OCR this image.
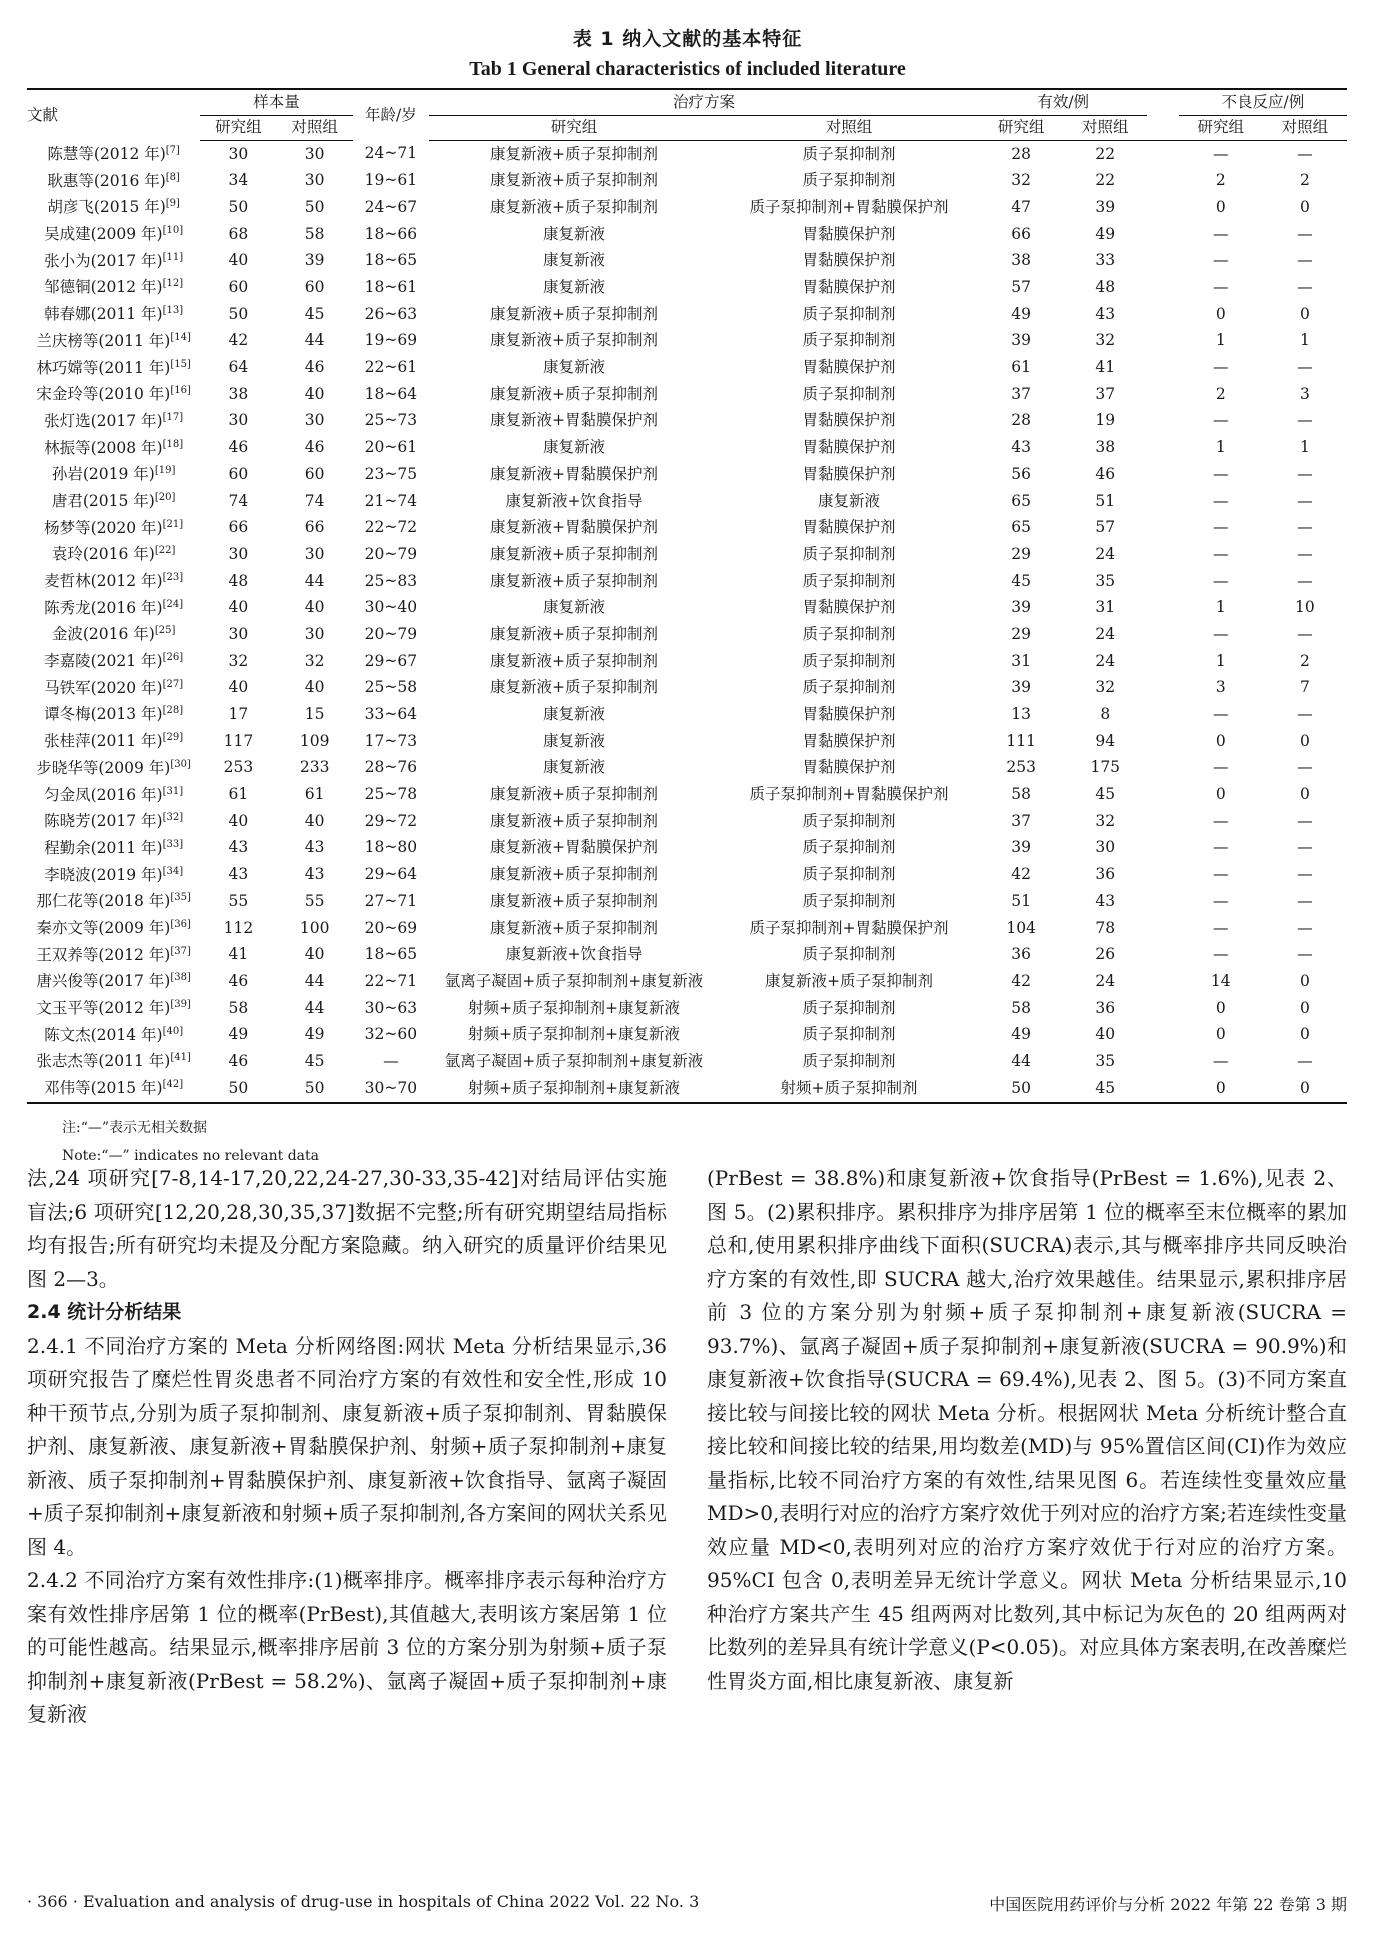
表 1 纳入文献的基本特征
Tab 1 General characteristics of included literature
文献	样本量		年龄/岁	治疗方案		有效/例			不良反应/例	
	研究组	对照组		研究组	对照组	研究组	对照组		研究组	对照组
陈慧等(2012 年)[7]	30	30	24~71	康复新液+质子泵抑制剂	质子泵抑制剂	28	22		—	—
耿惠等(2016 年)[8]	34	30	19~61	康复新液+质子泵抑制剂	质子泵抑制剂	32	22		2	2
胡彦飞(2015 年)[9]	50	50	24~67	康复新液+质子泵抑制剂	质子泵抑制剂+胃黏膜保护剂	47	39		0	0
吴成建(2009 年)[10]	68	58	18~66	康复新液	胃黏膜保护剂	66	49		—	—
张小为(2017 年)[11]	40	39	18~65	康复新液	胃黏膜保护剂	38	33		—	—
邹德铜(2012 年)[12]	60	60	18~61	康复新液	胃黏膜保护剂	57	48		—	—
韩春娜(2011 年)[13]	50	45	26~63	康复新液+质子泵抑制剂	质子泵抑制剂	49	43		0	0
兰庆榜等(2011 年)[14]	42	44	19~69	康复新液+质子泵抑制剂	质子泵抑制剂	39	32		1	1
林巧嫦等(2011 年)[15]	64	46	22~61	康复新液	胃黏膜保护剂	61	41		—	—
宋金玲等(2010 年)[16]	38	40	18~64	康复新液+质子泵抑制剂	质子泵抑制剂	37	37		2	3
张灯选(2017 年)[17]	30	30	25~73	康复新液+胃黏膜保护剂	胃黏膜保护剂	28	19		—	—
林振等(2008 年)[18]	46	46	20~61	康复新液	胃黏膜保护剂	43	38		1	1
孙岩(2019 年)[19]	60	60	23~75	康复新液+胃黏膜保护剂	胃黏膜保护剂	56	46		—	—
唐君(2015 年)[20]	74	74	21~74	康复新液+饮食指导	康复新液	65	51		—	—
杨梦等(2020 年)[21]	66	66	22~72	康复新液+胃黏膜保护剂	胃黏膜保护剂	65	57		—	—
袁玲(2016 年)[22]	30	30	20~79	康复新液+质子泵抑制剂	质子泵抑制剂	29	24		—	—
麦哲林(2012 年)[23]	48	44	25~83	康复新液+质子泵抑制剂	质子泵抑制剂	45	35		—	—
陈秀龙(2016 年)[24]	40	40	30~40	康复新液	胃黏膜保护剂	39	31		1	10
金波(2016 年)[25]	30	30	20~79	康复新液+质子泵抑制剂	质子泵抑制剂	29	24		—	—
李嘉陵(2021 年)[26]	32	32	29~67	康复新液+质子泵抑制剂	质子泵抑制剂	31	24		1	2
马铁军(2020 年)[27]	40	40	25~58	康复新液+质子泵抑制剂	质子泵抑制剂	39	32		3	7
谭冬梅(2013 年)[28]	17	15	33~64	康复新液	胃黏膜保护剂	13	8		—	—
张桂萍(2011 年)[29]	117	109	17~73	康复新液	胃黏膜保护剂	111	94		0	0
步晓华等(2009 年)[30]	253	233	28~76	康复新液	胃黏膜保护剂	253	175		—	—
匀金凤(2016 年)[31]	61	61	25~78	康复新液+质子泵抑制剂	质子泵抑制剂+胃黏膜保护剂	58	45		0	0
陈晓芳(2017 年)[32]	40	40	29~72	康复新液+质子泵抑制剂	质子泵抑制剂	37	32		—	—
程勤余(2011 年)[33]	43	43	18~80	康复新液+胃黏膜保护剂	质子泵抑制剂	39	30		—	—
李晓波(2019 年)[34]	43	43	29~64	康复新液+质子泵抑制剂	质子泵抑制剂	42	36		—	—
那仁花等(2018 年)[35]	55	55	27~71	康复新液+质子泵抑制剂	质子泵抑制剂	51	43		—	—
秦亦文等(2009 年)[36]	112	100	20~69	康复新液+质子泵抑制剂	质子泵抑制剂+胃黏膜保护剂	104	78		—	—
王双养等(2012 年)[37]	41	40	18~65	康复新液+饮食指导	质子泵抑制剂	36	26		—	—
唐兴俊等(2017 年)[38]	46	44	22~71	氩离子凝固+质子泵抑制剂+康复新液	康复新液+质子泵抑制剂	42	24		14	0
文玉平等(2012 年)[39]	58	44	30~63	射频+质子泵抑制剂+康复新液	质子泵抑制剂	58	36		0	0
陈文杰(2014 年)[40]	49	49	32~60	射频+质子泵抑制剂+康复新液	质子泵抑制剂	49	40		0	0
张志杰等(2011 年)[41]	46	45	—	氩离子凝固+质子泵抑制剂+康复新液	质子泵抑制剂	44	35		—	—
邓伟等(2015 年)[42]	50	50	30~70	射频+质子泵抑制剂+康复新液	射频+质子泵抑制剂	50	45		0	0
注:“—”表示无相关数据
Note:“—” indicates no relevant data

法,24 项研究[7-8,14-17,20,22,24-27,30-33,35-42]对结局评估实施盲法;6 项研究[12,20,28,30,35,37]数据不完整;所有研究期望结局指标均有报告;所有研究均未提及分配方案隐藏。纳入研究的质量评价结果见图 2—3。

2.4 统计分析结果

2.4.1 不同治疗方案的 Meta 分析网络图:网状 Meta 分析结果显示,36 项研究报告了糜烂性胃炎患者不同治疗方案的有效性和安全性,形成 10 种干预节点,分别为质子泵抑制剂、康复新液+质子泵抑制剂、胃黏膜保护剂、康复新液、康复新液+胃黏膜保护剂、射频+质子泵抑制剂+康复新液、质子泵抑制剂+胃黏膜保护剂、康复新液+饮食指导、氩离子凝固+质子泵抑制剂+康复新液和射频+质子泵抑制剂,各方案间的网状关系见图 4。

2.4.2 不同治疗方案有效性排序:(1)概率排序。概率排序表示每种治疗方案有效性排序居第 1 位的概率(PrBest),其值越大,表明该方案居第 1 位的可能性越高。结果显示,概率排序居前 3 位的方案分别为射频+质子泵抑制剂+康复新液(PrBest = 58.2%)、氩离子凝固+质子泵抑制剂+康复新液

(PrBest = 38.8%)和康复新液+饮食指导(PrBest = 1.6%),见表 2、图 5。(2)累积排序。累积排序为排序居第 1 位的概率至末位概率的累加总和,使用累积排序曲线下面积(SUCRA)表示,其与概率排序共同反映治疗方案的有效性,即 SUCRA 越大,治疗效果越佳。结果显示,累积排序居前 3 位的方案分别为射频+质子泵抑制剂+康复新液(SUCRA = 93.7%)、氩离子凝固+质子泵抑制剂+康复新液(SUCRA = 90.9%)和康复新液+饮食指导(SUCRA = 69.4%),见表 2、图 5。(3)不同方案直接比较与间接比较的网状 Meta 分析。根据网状 Meta 分析统计整合直接比较和间接比较的结果,用均数差(MD)与 95%置信区间(CI)作为效应量指标,比较不同治疗方案的有效性,结果见图 6。若连续性变量效应量 MD>0,表明行对应的治疗方案疗效优于列对应的治疗方案;若连续性变量效应量 MD<0,表明列对应的治疗方案疗效优于行对应的治疗方案。95%CI 包含 0,表明差异无统计学意义。网状 Meta 分析结果显示,10 种治疗方案共产生 45 组两两对比数列,其中标记为灰色的 20 组两两对比数列的差异具有统计学意义(P<0.05)。对应具体方案表明,在改善糜烂性胃炎方面,相比康复新液、康复新

· 366 · Evaluation and analysis of drug-use in hospitals of China 2022 Vol. 22 No. 3	中国医院用药评价与分析 2022 年第 22 卷第 3 期
